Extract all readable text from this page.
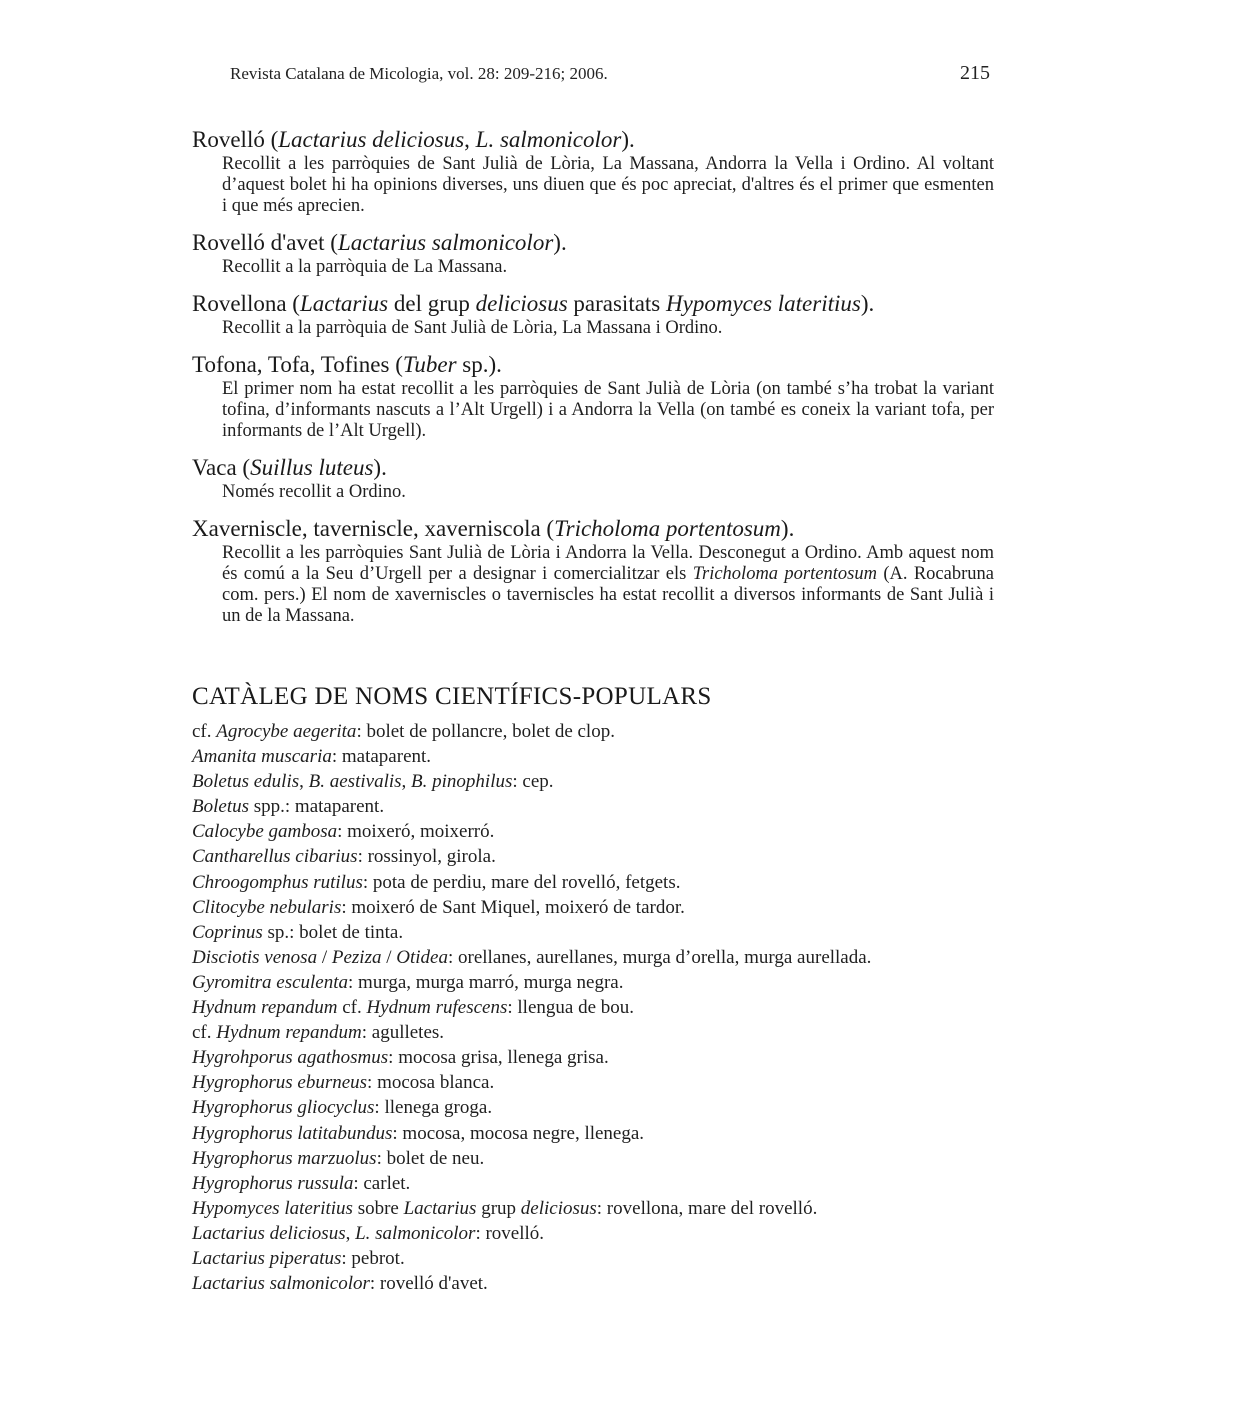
Revista Catalana de Micologia, vol. 28: 209-216; 2006.	215
Rovelló (Lactarius deliciosus, L. salmonicolor).
Recollit a les parròquies de Sant Julià de Lòria, La Massana, Andorra la Vella i Ordino. Al voltant d’aquest bolet hi ha opinions diverses, uns diuen que és poc apreciat, d'altres és el primer que esmenten i que més aprecien.
Rovelló d'avet (Lactarius salmonicolor).
Recollit a la parròquia de La Massana.
Rovellona (Lactarius del grup deliciosus parasitats Hypomyces lateritius).
Recollit a la parròquia de Sant Julià de Lòria, La Massana i Ordino.
Tofona, Tofa, Tofines (Tuber sp.).
El primer nom ha estat recollit a les parròquies de Sant Julià de Lòria (on també s’ha trobat la variant tofina, d’informants nascuts a l’Alt Urgell) i a Andorra la Vella (on també es coneix la variant tofa, per informants de l’Alt Urgell).
Vaca (Suillus luteus).
Només recollit a Ordino.
Xaverniscle, taverniscle, xaverniscola (Tricholoma portentosum).
Recollit a les parròquies Sant Julià de Lòria i Andorra la Vella. Desconegut a Ordino. Amb aquest nom és comú a la Seu d’Urgell per a designar i comercialitzar els Tricholoma portentosum (A. Rocabruna com. pers.) El nom de xaverniscles o taverniscles ha estat recollit a diversos informants de Sant Julià i un de la Massana.
CATÀLEG DE NOMS CIENTÍFICS-POPULARS
cf. Agrocybe aegerita: bolet de pollancre, bolet de clop.
Amanita muscaria: mataparent.
Boletus edulis, B. aestivalis, B. pinophilus: cep.
Boletus spp.: mataparent.
Calocybe gambosa: moixeró, moixerró.
Cantharellus cibarius: rossinyol, girola.
Chroogomphus rutilus: pota de perdiu, mare del rovelló, fetgets.
Clitocybe nebularis: moixeró de Sant Miquel, moixeró de tardor.
Coprinus sp.: bolet de tinta.
Disciotis venosa / Peziza / Otidea: orellanes, aurellanes, murga d’orella, murga aurellada.
Gyromitra esculenta: murga, murga marró, murga negra.
Hydnum repandum cf. Hydnum rufescens: llengua de bou.
cf. Hydnum repandum: agulletes.
Hygrohporus agathosmus: mocosa grisa, llenega grisa.
Hygrophorus eburneus: mocosa blanca.
Hygrophorus gliocyclus: llenega groga.
Hygrophorus latitabundus: mocosa, mocosa negre, llenega.
Hygrophorus marzuolus: bolet de neu.
Hygrophorus russula: carlet.
Hypomyces lateritius sobre Lactarius grup deliciosus: rovellona, mare del rovelló.
Lactarius deliciosus, L. salmonicolor: rovelló.
Lactarius piperatus: pebrot.
Lactarius salmonicolor: rovelló d'avet.
